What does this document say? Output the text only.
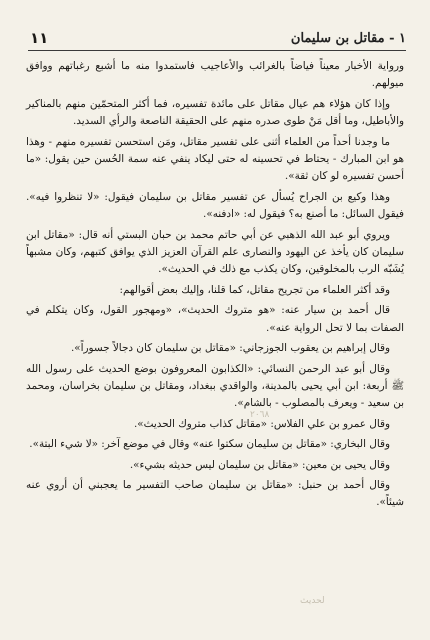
١١	١ - مقاتل بن سليمان

ورواية الأخبار معيناً فياضاً بالغرائب والأعاجيب فاستمدوا منه ما أشبع رغباتهم ووافق ميولهم.

وإذا كان هؤلاء هم عيال مقاتل على مائدة تفسيره، فما أكثر المتحمّين منهم بالمناكير والأباطيل، وما أقل مَنْ طوى صدره منهم على الحقيقة الناصعة والرأي السديد.

ما وجدنا أحداً من العلماء أثنى على تفسير مقاتل، ومَن استحسن تفسيره منهم - وهذا هو ابن المبارك - يحتاط في تحسينه له حتى ليكاد ينفي عنه سمة الحُسن حين يقول: «ما أحسن تفسيره لو كان ثقة».

وهذا وكيع بن الجراح يُسأل عن تفسير مقاتل بن سليمان فيقول: «لا تنظروا فيه». فيقول السائل: ما أصنع به؟ فيقول له: «ادفنه».

ويروي أبو عبد الله الذهبي عن أبي حاتم محمد بن حبان البستي أنه قال: «مقاتل ابن سليمان كان يأخذ عن اليهود والنصارى علم القرآن العزيز الذي يوافق كتبهم، وكان مشبهاً يُشَبّه الرب بالمخلوقين، وكان يكذب مع ذلك في الحديث».

وقد أكثر العلماء من تجريح مقاتل، كما قلنا، وإليك بعض أقوالهم:

قال أحمد بن سيار عنه: «هو متروك الحديث»، «ومهجور القول، وكان يتكلم في الصفات بما لا تحل الرواية عنه».

وقال إبراهيم بن يعقوب الجوزجاني: «مقاتل بن سليمان كان دجالاً جسوراً».

وقال أبو عبد الرحمن النسائي: «الكذابون المعروفون بوضع الحديث على رسول الله ﷺ أربعة: ابن أبي يحيى بالمدينة، والواقدي ببغداد، ومقاتل بن سليمان بخراسان، ومحمد بن سعيد - ويعرف بالمصلوب - بالشام».

وقال عمرو بن علي الفلاس: «مقاتل كذاب متروك الحديث».

وقال البخاري: «مقاتل بن سليمان سكتوا عنه» وقال في موضع آخر: «لا شيء البتة».

وقال يحيى بن معين: «مقاتل بن سليمان ليس حديثه بشيء».

وقال أحمد بن حنبل: «مقاتل بن سليمان صاحب التفسير ما يعجبني أن أروي عنه شيئاً».

٢٠٦٨
لحديث
